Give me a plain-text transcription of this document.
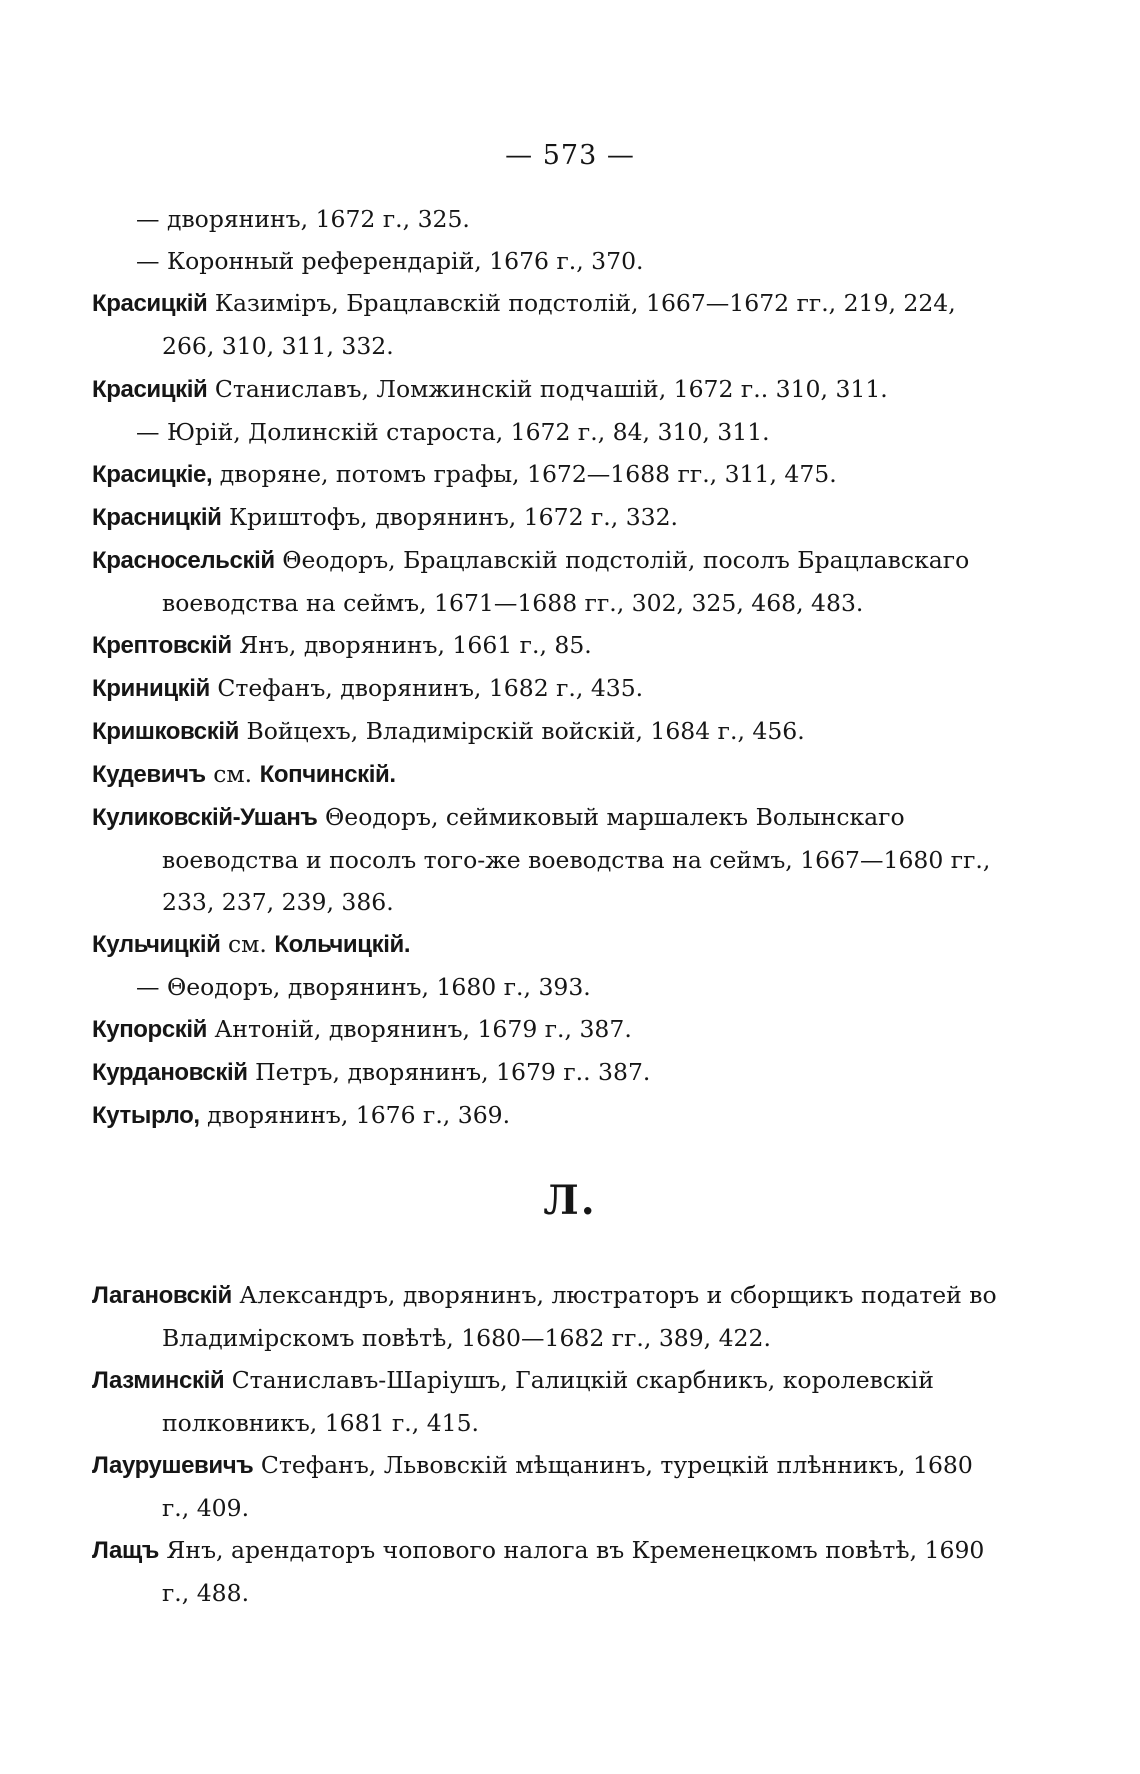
— 573 —
— дворянинъ, 1672 г., 325.
— Коронный референдарій, 1676 г., 370.
Красицкій Казиміръ, Брацлавскій подстолій, 1667—1672 гг., 219, 224, 266, 310, 311, 332.
Красицкій Станиславъ, Ломжинскій подчашій, 1672 г.. 310, 311.
— Юрій, Долинскій староста, 1672 г., 84, 310, 311.
Красицкіе, дворяне, потомъ графы, 1672—1688 гг., 311, 475.
Красницкій Криштофъ, дворянинъ, 1672 г., 332.
Красносельскій Θеодоръ, Брацлавскій подстолій, посолъ Брацлавскаго воеводства на сеймъ, 1671—1688 гг., 302, 325, 468, 483.
Крептовскій Янъ, дворянинъ, 1661 г., 85.
Криницкій Стефанъ, дворянинъ, 1682 г., 435.
Кришковскій Войцехъ, Владимірскій войскій, 1684 г., 456.
Кудевичъ см. Копчинскій.
Куликовскій-Ушанъ Θеодоръ, сеймиковый маршалекъ Волынскаго воеводства и посолъ того-же воеводства на сеймъ, 1667—1680 гг., 233, 237, 239, 386.
Кульчицкій см. Кольчицкій.
— Θеодоръ, дворянинъ, 1680 г., 393.
Купорскій Антоній, дворянинъ, 1679 г., 387.
Курдановскій Петръ, дворянинъ, 1679 г.. 387.
Кутырло, дворянинъ, 1676 г., 369.
Л.
Лагановскій Александръ, дворянинъ, люстраторъ и сборщикъ податей во Владимірскомъ повѣтѣ, 1680—1682 гг., 389, 422.
Лазминскій Станиславъ-Шаріушъ, Галицкій скарбникъ, королевскій полковникъ, 1681 г., 415.
Лаурушевичъ Стефанъ, Львовскій мѣщанинъ, турецкій плѣнникъ, 1680 г., 409.
Лащъ Янъ, арендаторъ чопового налога въ Кременецкомъ повѣтѣ, 1690 г., 488.
